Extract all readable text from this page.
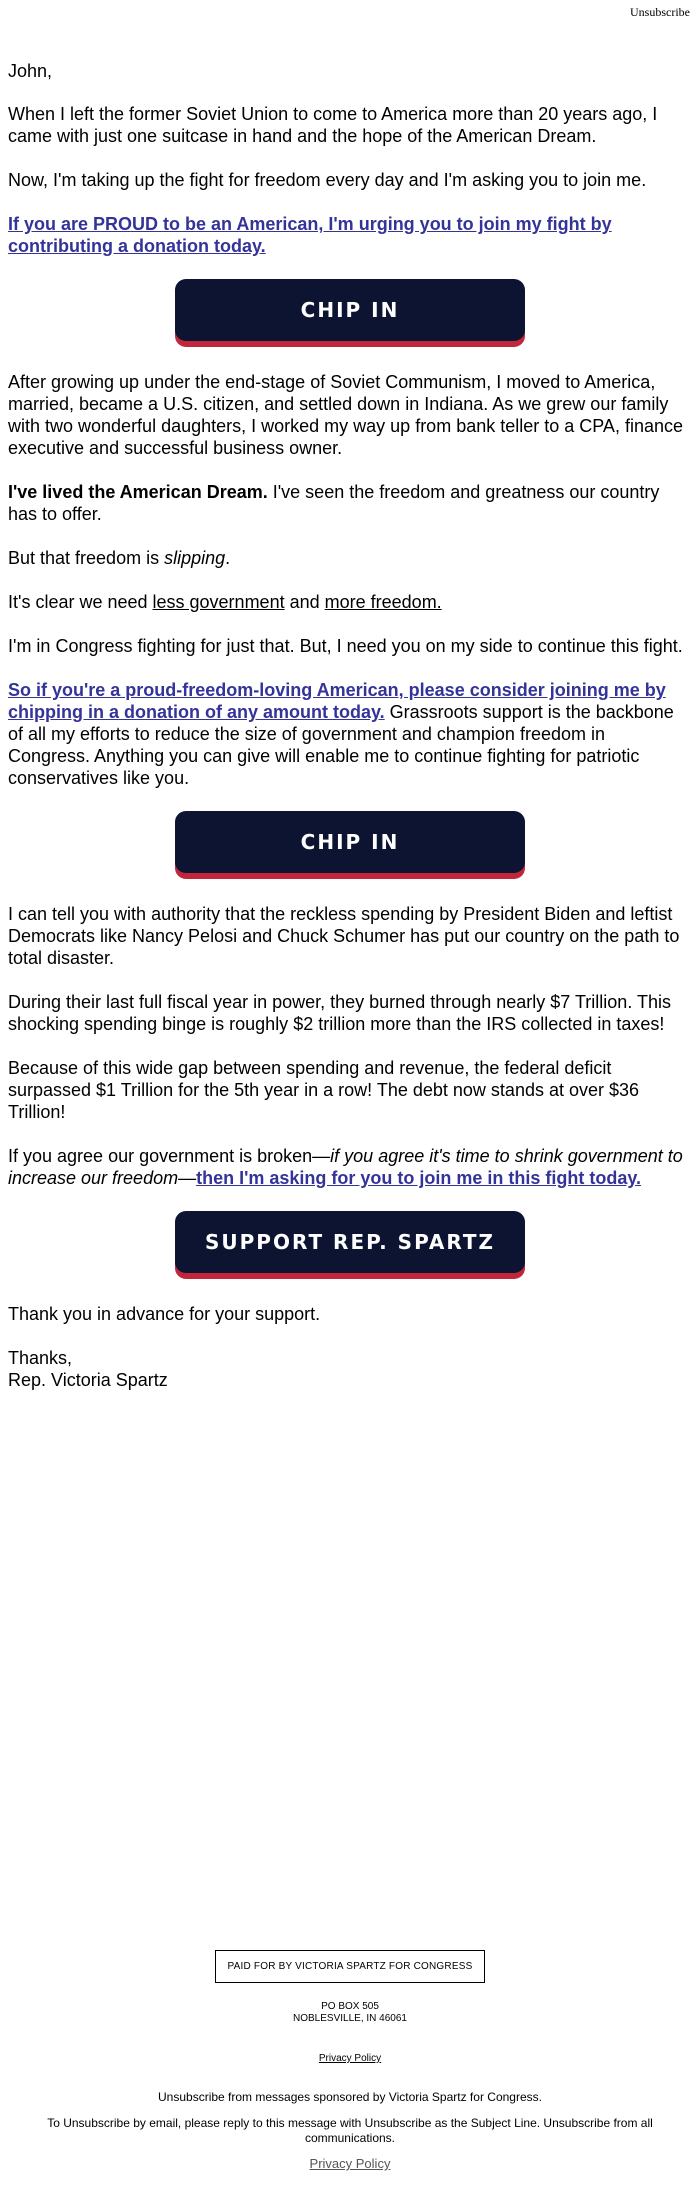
Unsubscribe

John,

When I left the former Soviet Union to come to America more than 20 years ago, I came with just one suitcase in hand and the hope of the American Dream.

Now, I'm taking up the fight for freedom every day and I'm asking you to join me.

If you are PROUD to be an American, I'm urging you to join my fight by contributing a donation today.

CHIP IN

After growing up under the end-stage of Soviet Communism, I moved to America, married, became a U.S. citizen, and settled down in Indiana. As we grew our family with two wonderful daughters, I worked my way up from bank teller to a CPA, finance executive and successful business owner.

I've lived the American Dream. I've seen the freedom and greatness our country has to offer.

But that freedom is slipping.

It's clear we need less government and more freedom.

I'm in Congress fighting for just that. But, I need you on my side to continue this fight.

So if you're a proud-freedom-loving American, please consider joining me by chipping in a donation of any amount today. Grassroots support is the backbone of all my efforts to reduce the size of government and champion freedom in Congress. Anything you can give will enable me to continue fighting for patriotic conservatives like you.

CHIP IN

I can tell you with authority that the reckless spending by President Biden and leftist Democrats like Nancy Pelosi and Chuck Schumer has put our country on the path to total disaster.

During their last full fiscal year in power, they burned through nearly $7 Trillion. This shocking spending binge is roughly $2 trillion more than the IRS collected in taxes!

Because of this wide gap between spending and revenue, the federal deficit surpassed $1 Trillion for the 5th year in a row! The debt now stands at over $36 Trillion!

If you agree our government is broken—if you agree it's time to shrink government to increase our freedom—then I'm asking for you to join me in this fight today.

SUPPORT REP. SPARTZ

Thank you in advance for your support.

Thanks,
Rep. Victoria Spartz

PAID FOR BY VICTORIA SPARTZ FOR CONGRESS
PO BOX 505
NOBLESVILLE, IN 46061
Privacy Policy
Unsubscribe from messages sponsored by Victoria Spartz for Congress.
To Unsubscribe by email, please reply to this message with Unsubscribe as the Subject Line. Unsubscribe from all communications.
Privacy Policy
